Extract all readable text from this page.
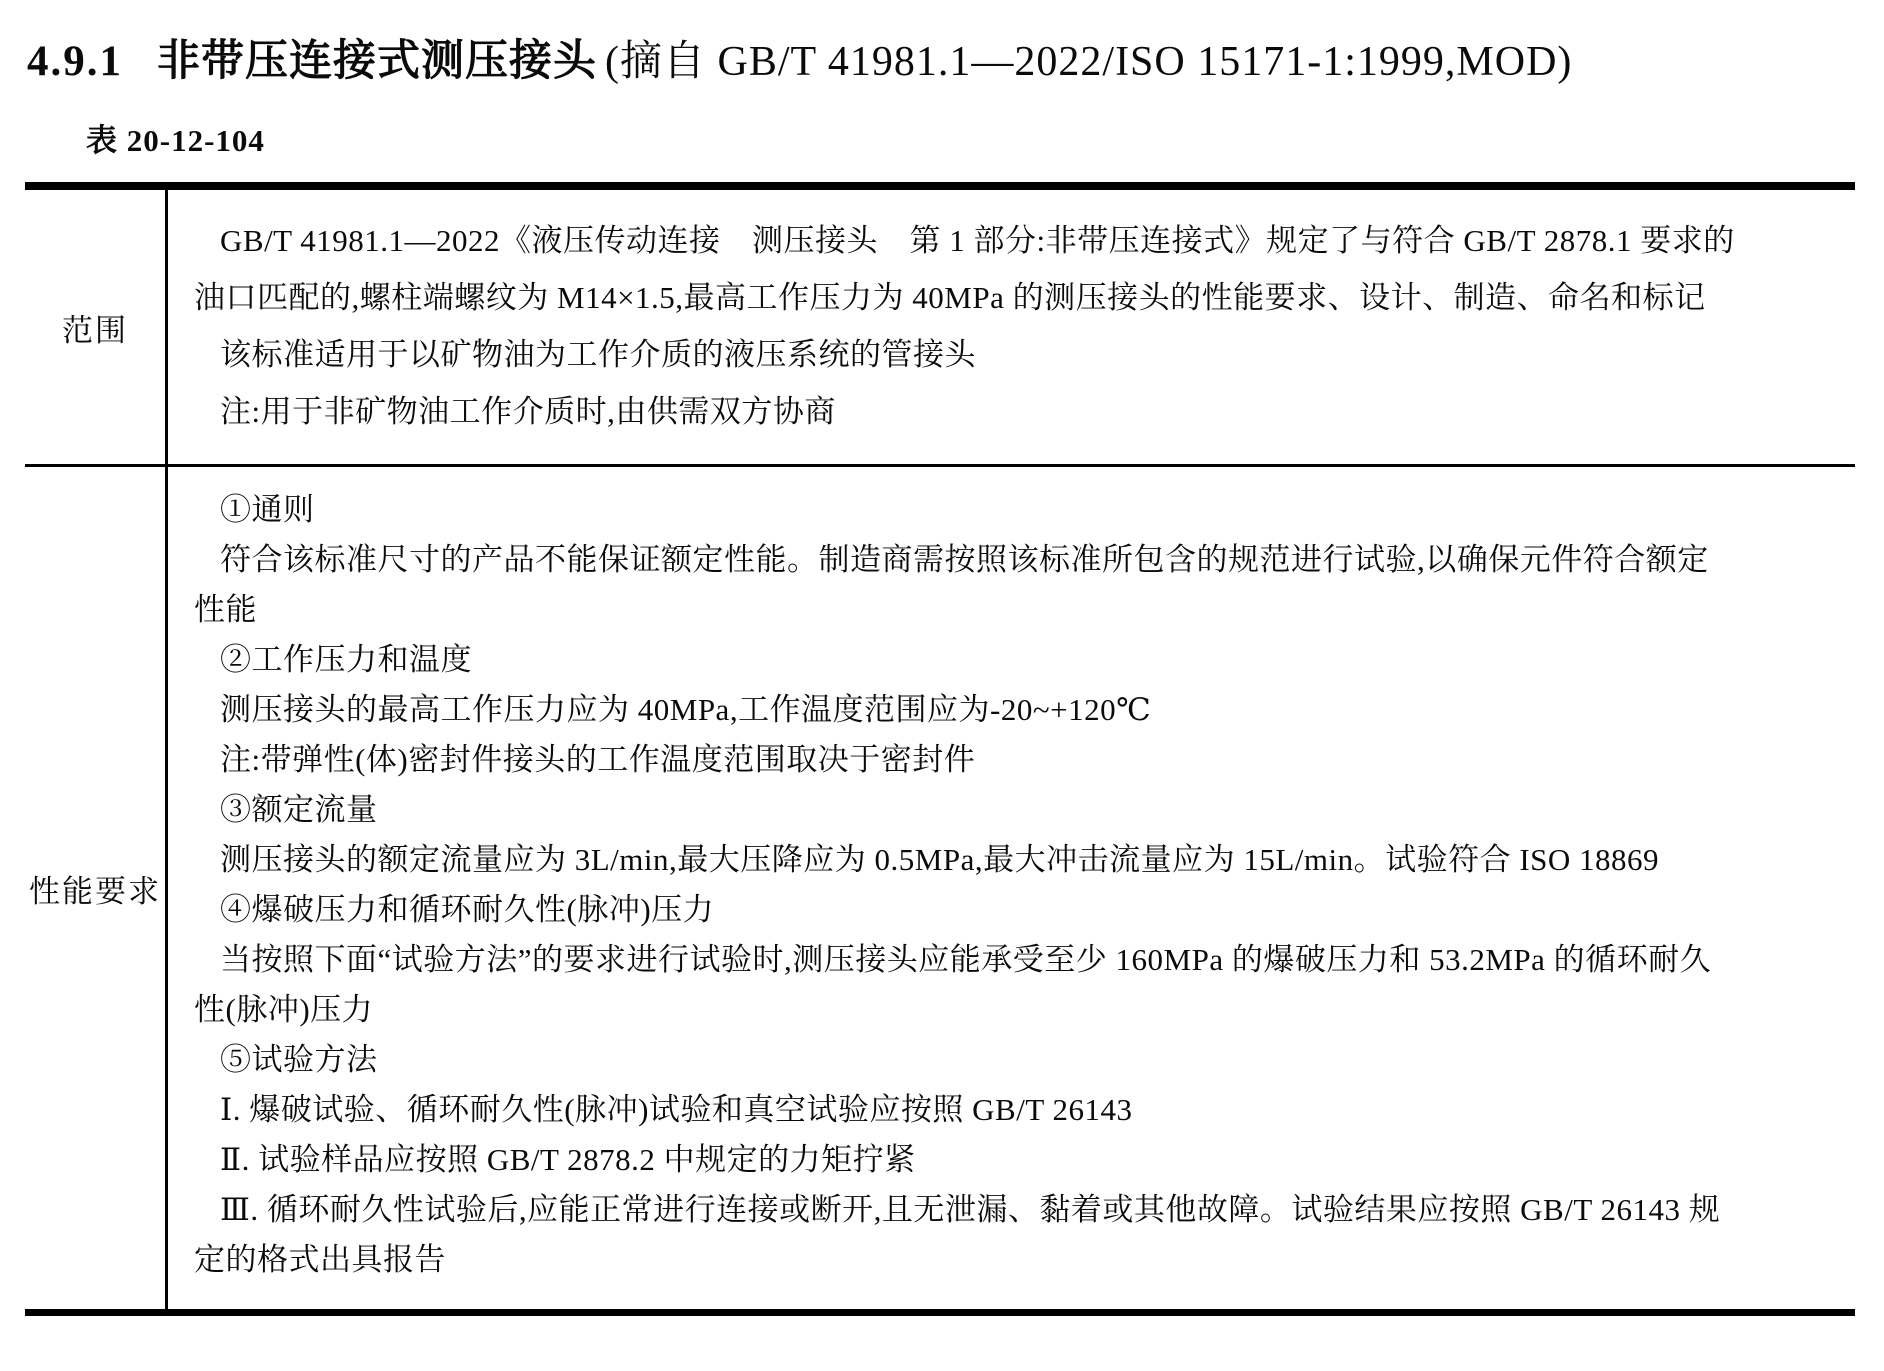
4.9.1 非带压连接式测压接头 (摘自 GB/T 41981.1—2022/ISO 15171-1:1999,MOD)
表 20-12-104
范围
GB/T 41981.1—2022《液压传动连接　测压接头　第 1 部分:非带压连接式》规定了与符合 GB/T 2878.1 要求的
油口匹配的,螺柱端螺纹为 M14×1.5,最高工作压力为 40MPa 的测压接头的性能要求、设计、制造、命名和标记
该标准适用于以矿物油为工作介质的液压系统的管接头
注:用于非矿物油工作介质时,由供需双方协商
性能要求
①通则
符合该标准尺寸的产品不能保证额定性能。制造商需按照该标准所包含的规范进行试验,以确保元件符合额定
性能
②工作压力和温度
测压接头的最高工作压力应为 40MPa,工作温度范围应为-20~+120℃
注:带弹性(体)密封件接头的工作温度范围取决于密封件
③额定流量
测压接头的额定流量应为 3L/min,最大压降应为 0.5MPa,最大冲击流量应为 15L/min。试验符合 ISO 18869
④爆破压力和循环耐久性(脉冲)压力
当按照下面“试验方法”的要求进行试验时,测压接头应能承受至少 160MPa 的爆破压力和 53.2MPa 的循环耐久
性(脉冲)压力
⑤试验方法
Ⅰ. 爆破试验、循环耐久性(脉冲)试验和真空试验应按照 GB/T 26143
Ⅱ. 试验样品应按照 GB/T 2878.2 中规定的力矩拧紧
Ⅲ. 循环耐久性试验后,应能正常进行连接或断开,且无泄漏、黏着或其他故障。试验结果应按照 GB/T 26143 规
定的格式出具报告
